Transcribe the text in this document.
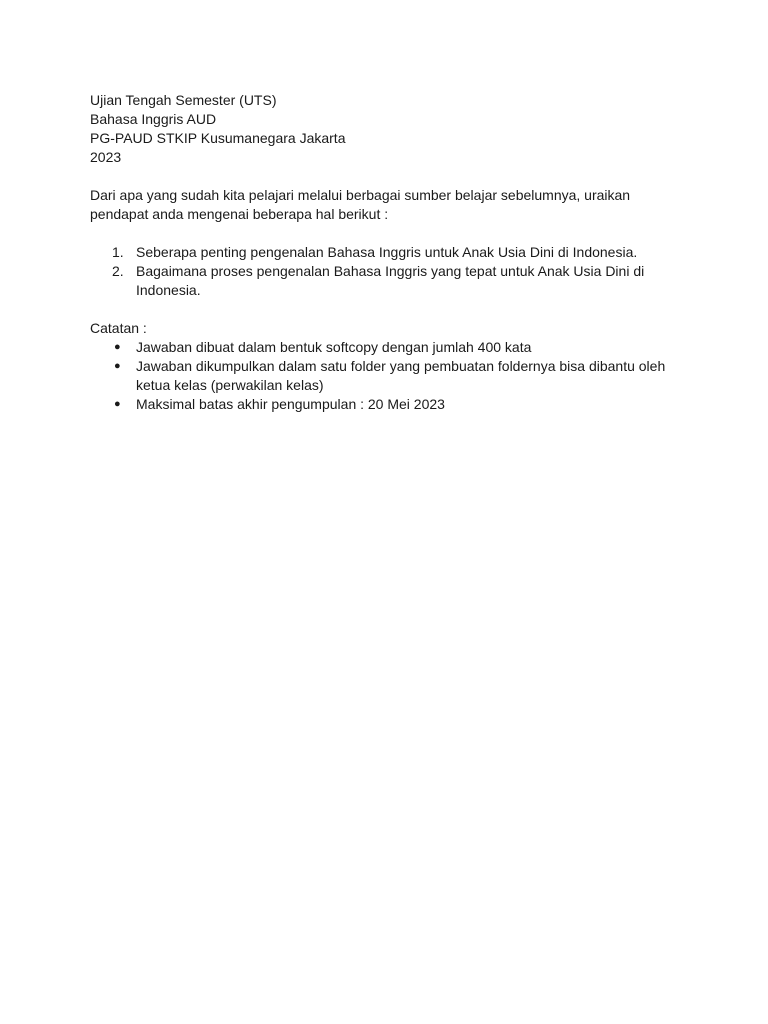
Ujian Tengah Semester (UTS)
Bahasa Inggris AUD
PG-PAUD STKIP Kusumanegara Jakarta
2023
Dari apa yang sudah kita pelajari melalui berbagai sumber belajar sebelumnya, uraikan pendapat anda mengenai beberapa hal berikut :
1. Seberapa penting pengenalan Bahasa Inggris untuk Anak Usia Dini di Indonesia.
2. Bagaimana proses pengenalan Bahasa Inggris yang tepat untuk Anak Usia Dini di Indonesia.
Catatan :
● Jawaban dibuat dalam bentuk softcopy dengan jumlah 400 kata
● Jawaban dikumpulkan dalam satu folder yang pembuatan foldernya bisa dibantu oleh ketua kelas (perwakilan kelas)
● Maksimal batas akhir pengumpulan : 20 Mei 2023
